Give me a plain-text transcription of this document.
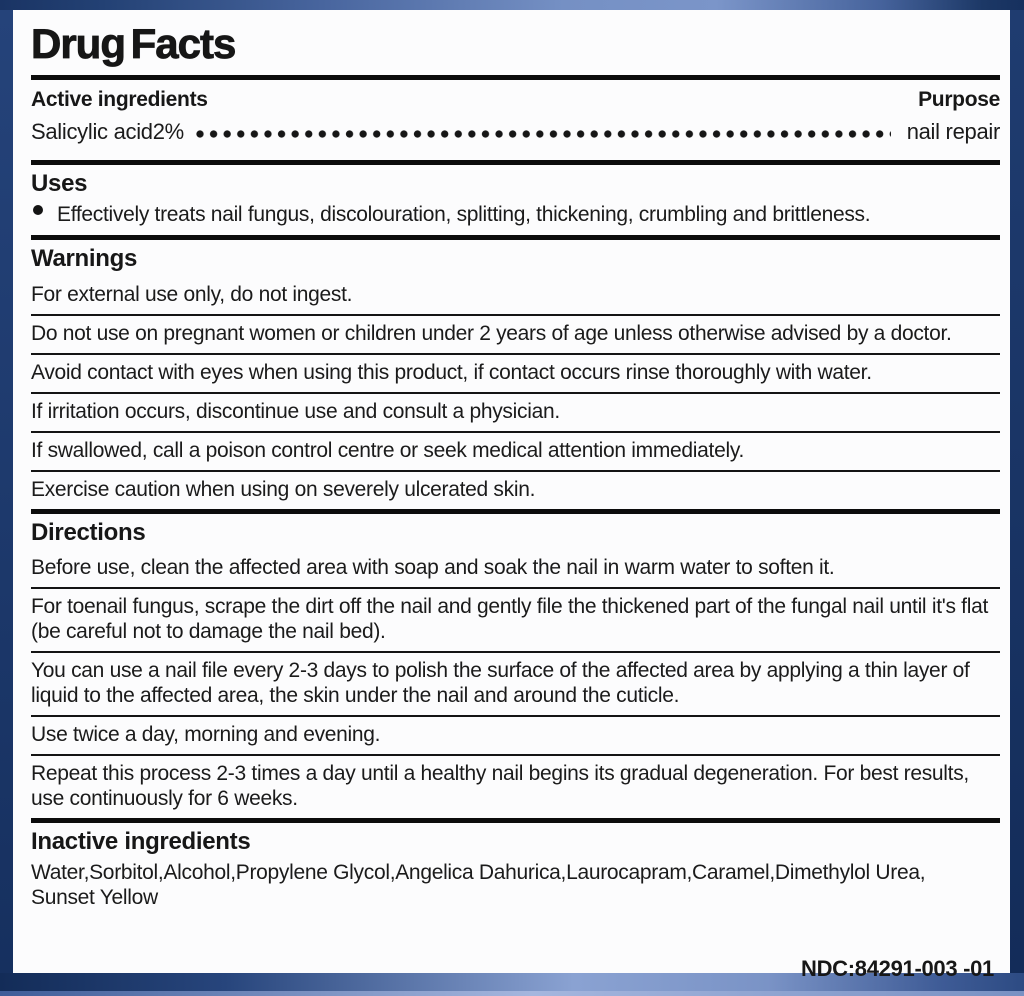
Drug Facts
Active ingredients	Purpose
Salicylic acid2%	nail repair
Uses
Effectively treats nail fungus, discolouration, splitting, thickening, crumbling and brittleness.
Warnings
For external use only, do not ingest.
Do not use on pregnant women or children under 2 years of age unless otherwise advised by a doctor.
Avoid contact with eyes when using this product, if contact occurs rinse thoroughly with water.
If irritation occurs, discontinue use and consult a physician.
If swallowed, call a poison control centre or seek medical attention immediately.
Exercise caution when using on severely ulcerated skin.
Directions
Before use, clean the affected area with soap and soak the nail in warm water to soften it.
For toenail fungus, scrape the dirt off the nail and gently file the thickened part of the fungal nail until it's flat (be careful not to damage the nail bed).
You can use a nail file every 2-3 days to polish the surface of the affected area by applying a thin layer of liquid to the affected area, the skin under the nail and around the cuticle.
Use twice a day, morning and evening.
Repeat this process 2-3 times a day until a healthy nail begins its gradual degeneration. For best results, use continuously for 6 weeks.
Inactive ingredients
Water,Sorbitol,Alcohol,Propylene Glycol,Angelica Dahurica,Laurocapram,Caramel,Dimethylol Urea,
Sunset Yellow
NDC:84291-003 -01
